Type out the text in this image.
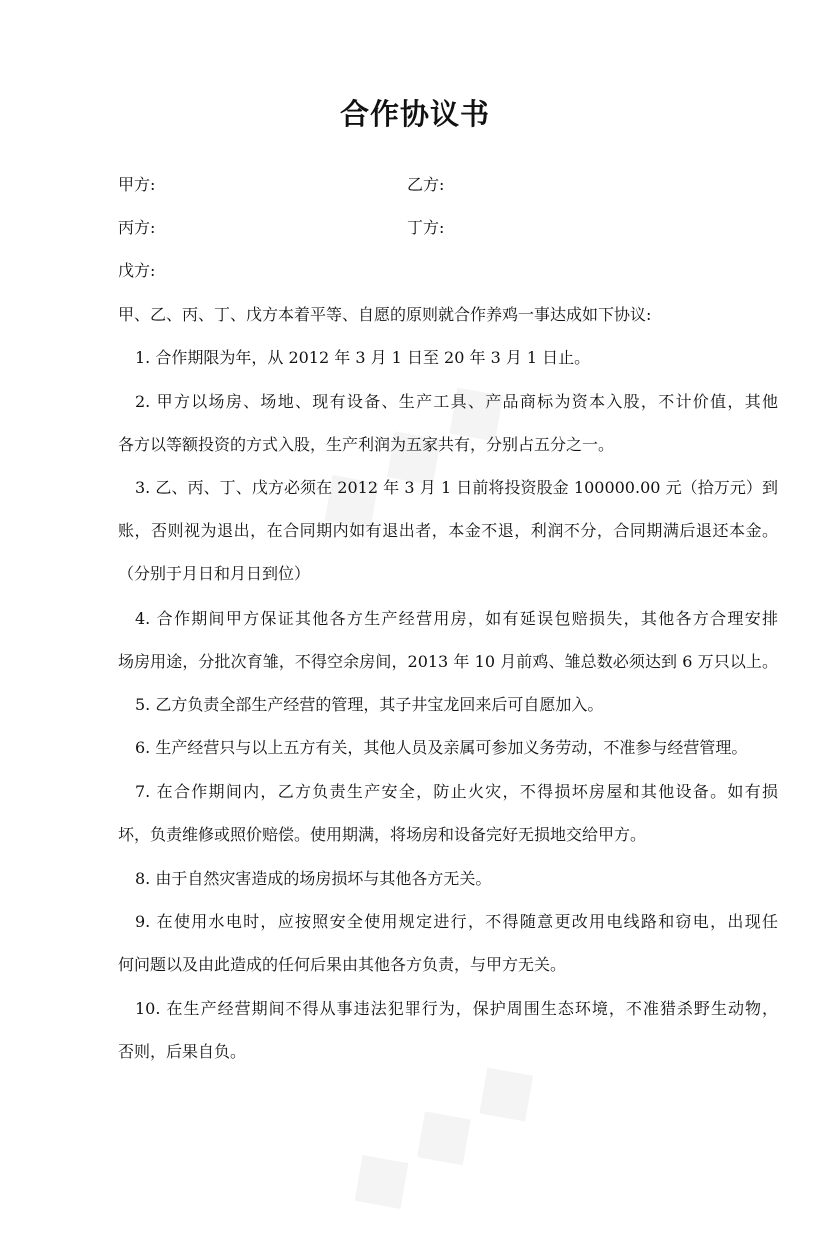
合作协议书
甲方:	乙方:
丙方:	丁方:
戊方:
甲、乙、丙、丁、戊方本着平等、自愿的原则就合作养鸡一事达成如下协议:
1. 合作期限为年，从 2012 年 3 月 1 日至 20 年 3 月 1 日止。
2. 甲方以场房、场地、现有设备、生产工具、产品商标为资本入股，不计价值，其他
各方以等额投资的方式入股，生产利润为五家共有，分别占五分之一。
3. 乙、丙、丁、戊方必须在 2012 年 3 月 1 日前将投资股金 100000.00 元（拾万元）到
账，否则视为退出，在合同期内如有退出者，本金不退，利润不分，合同期满后退还本金。
（分别于月日和月日到位）
4. 合作期间甲方保证其他各方生产经营用房，如有延误包赔损失，其他各方合理安排
场房用途，分批次育雏，不得空余房间，2013 年 10 月前鸡、雏总数必须达到 6 万只以上。
5. 乙方负责全部生产经营的管理，其子井宝龙回来后可自愿加入。
6. 生产经营只与以上五方有关，其他人员及亲属可参加义务劳动，不准参与经营管理。
7. 在合作期间内，乙方负责生产安全，防止火灾，不得损坏房屋和其他设备。如有损
坏，负责维修或照价赔偿。使用期满，将场房和设备完好无损地交给甲方。
8. 由于自然灾害造成的场房损坏与其他各方无关。
9. 在使用水电时，应按照安全使用规定进行，不得随意更改用电线路和窃电，出现任
何问题以及由此造成的任何后果由其他各方负责，与甲方无关。
10. 在生产经营期间不得从事违法犯罪行为，保护周围生态环境，不准猎杀野生动物，
否则，后果自负。
